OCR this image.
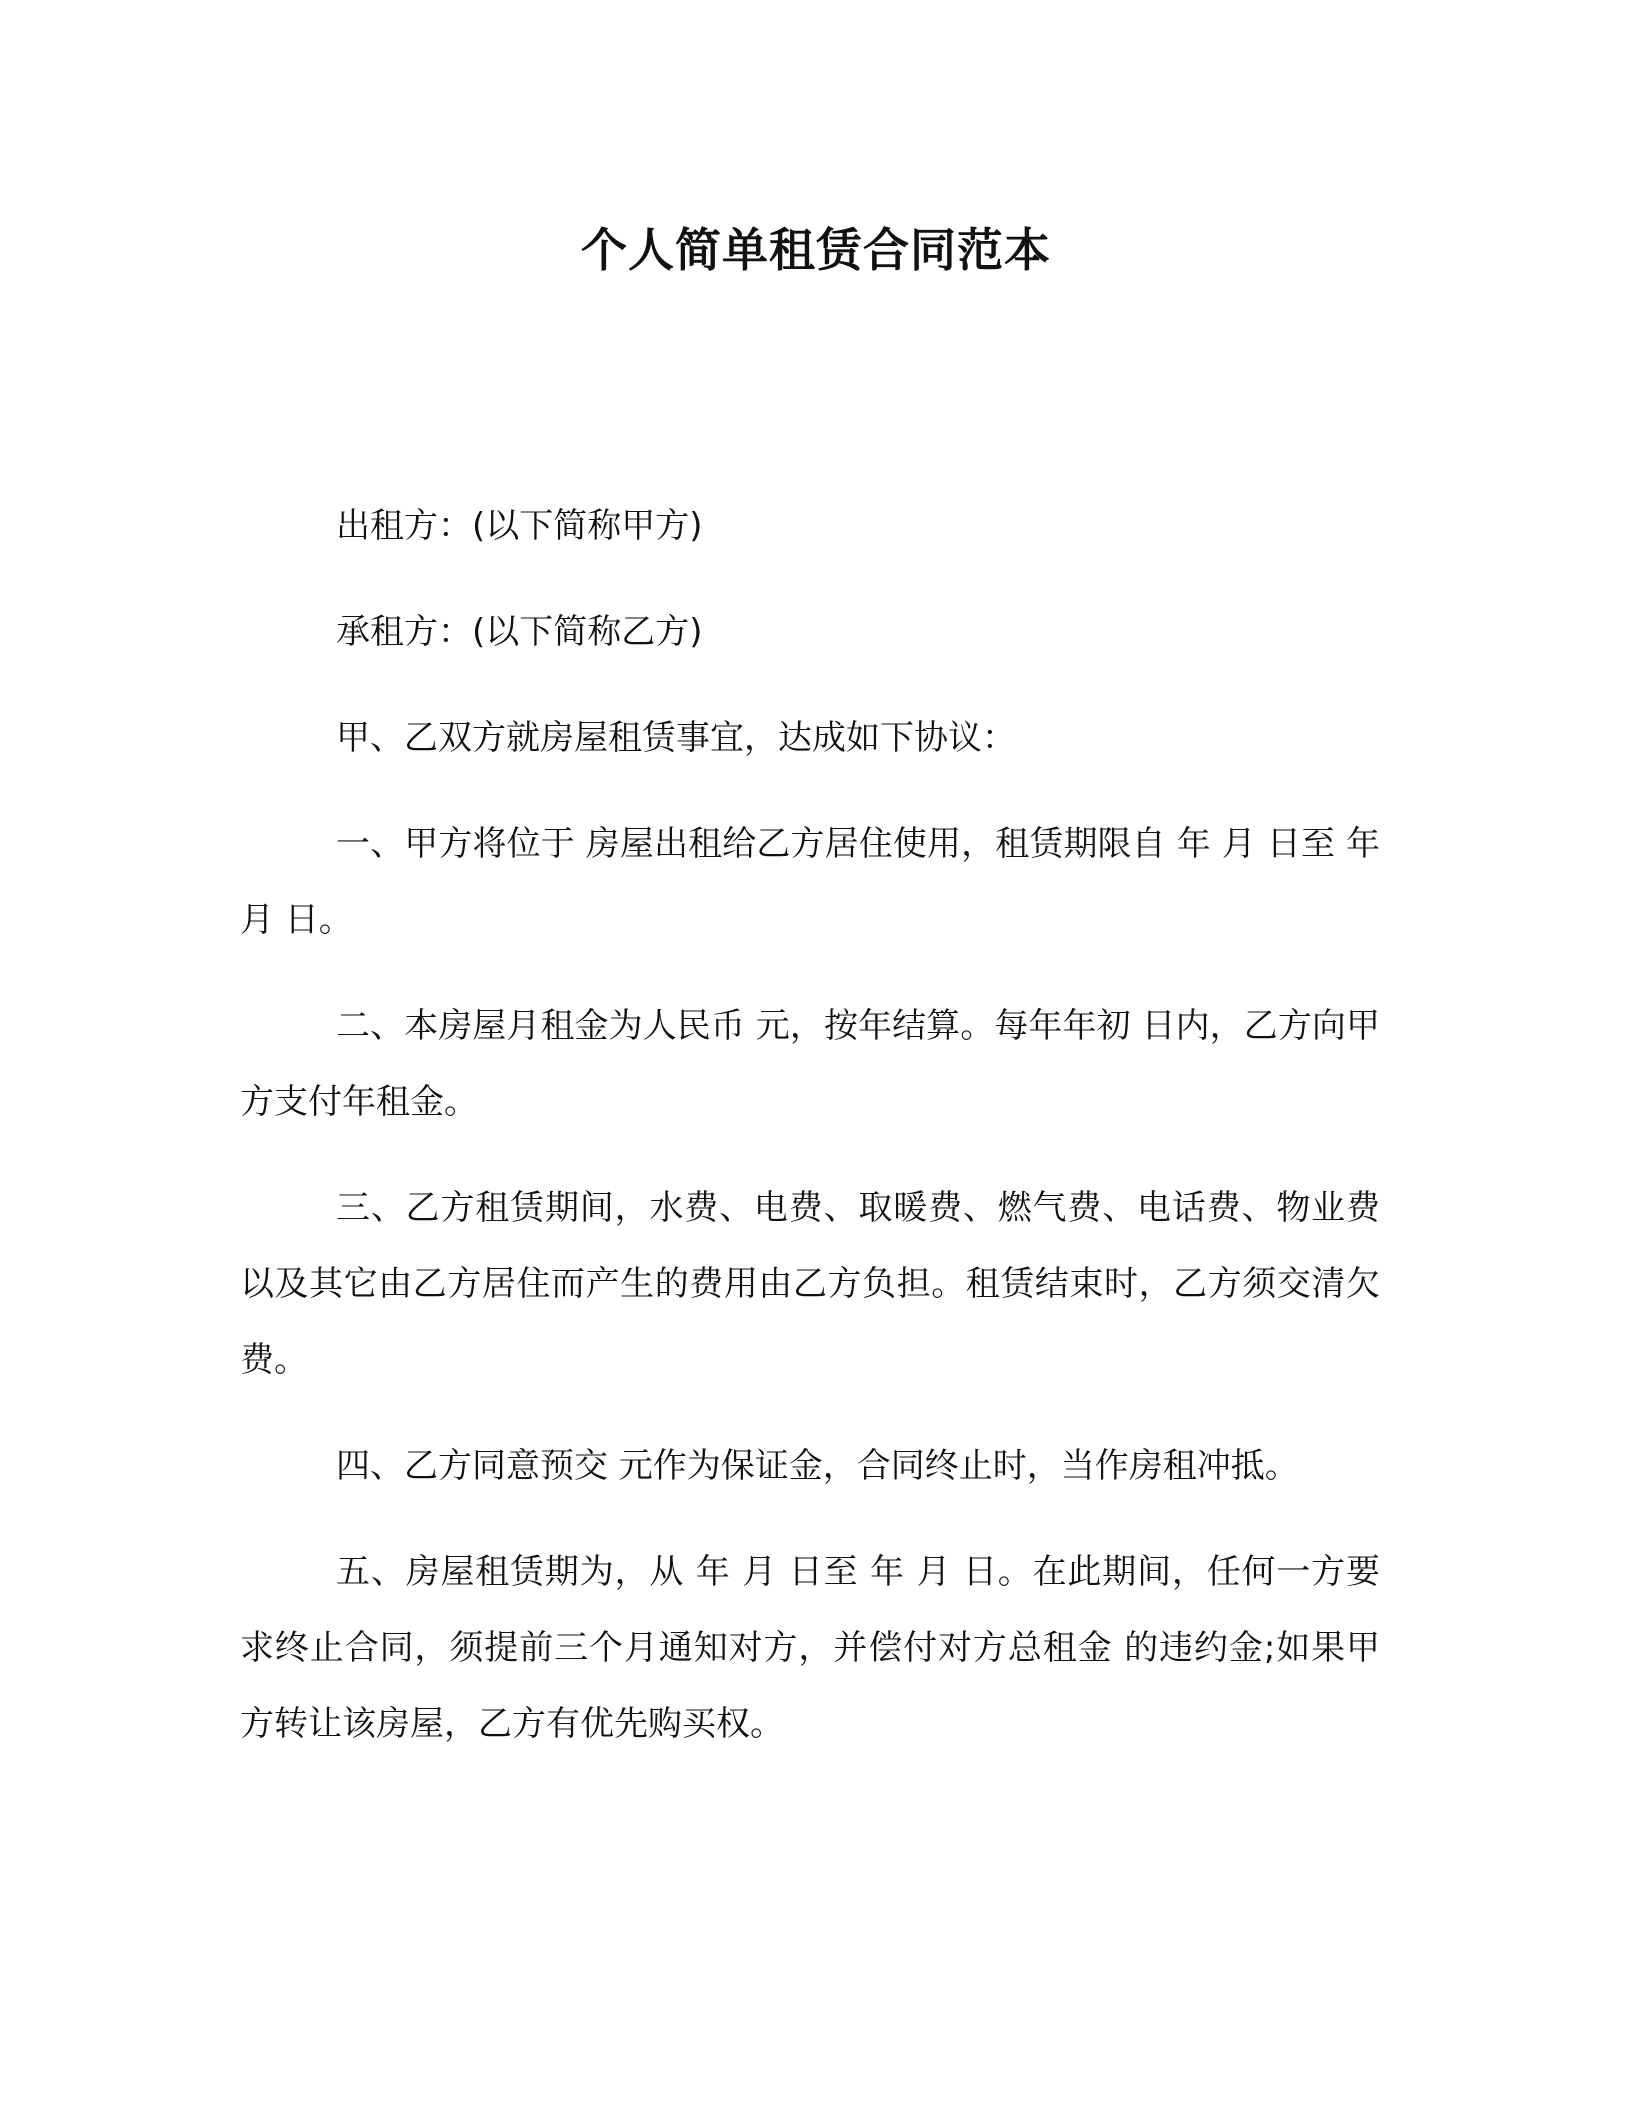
个人简单租赁合同范本

出租方：(以下简称甲方)

承租方：(以下简称乙方)

甲、乙双方就房屋租赁事宜，达成如下协议：

一、甲方将位于 房屋出租给乙方居住使用，租赁期限自 年 月 日至 年 月 日。

二、本房屋月租金为人民币 元，按年结算。每年年初 日内，乙方向甲方支付年租金。

三、乙方租赁期间，水费、电费、取暖费、燃气费、电话费、物业费以及其它由乙方居住而产生的费用由乙方负担。租赁结束时，乙方须交清欠费。

四、乙方同意预交 元作为保证金，合同终止时，当作房租冲抵。

五、房屋租赁期为，从 年 月 日至 年 月 日。在此期间，任何一方要求终止合同，须提前三个月通知对方，并偿付对方总租金 的违约金;如果甲方转让该房屋，乙方有优先购买权。
